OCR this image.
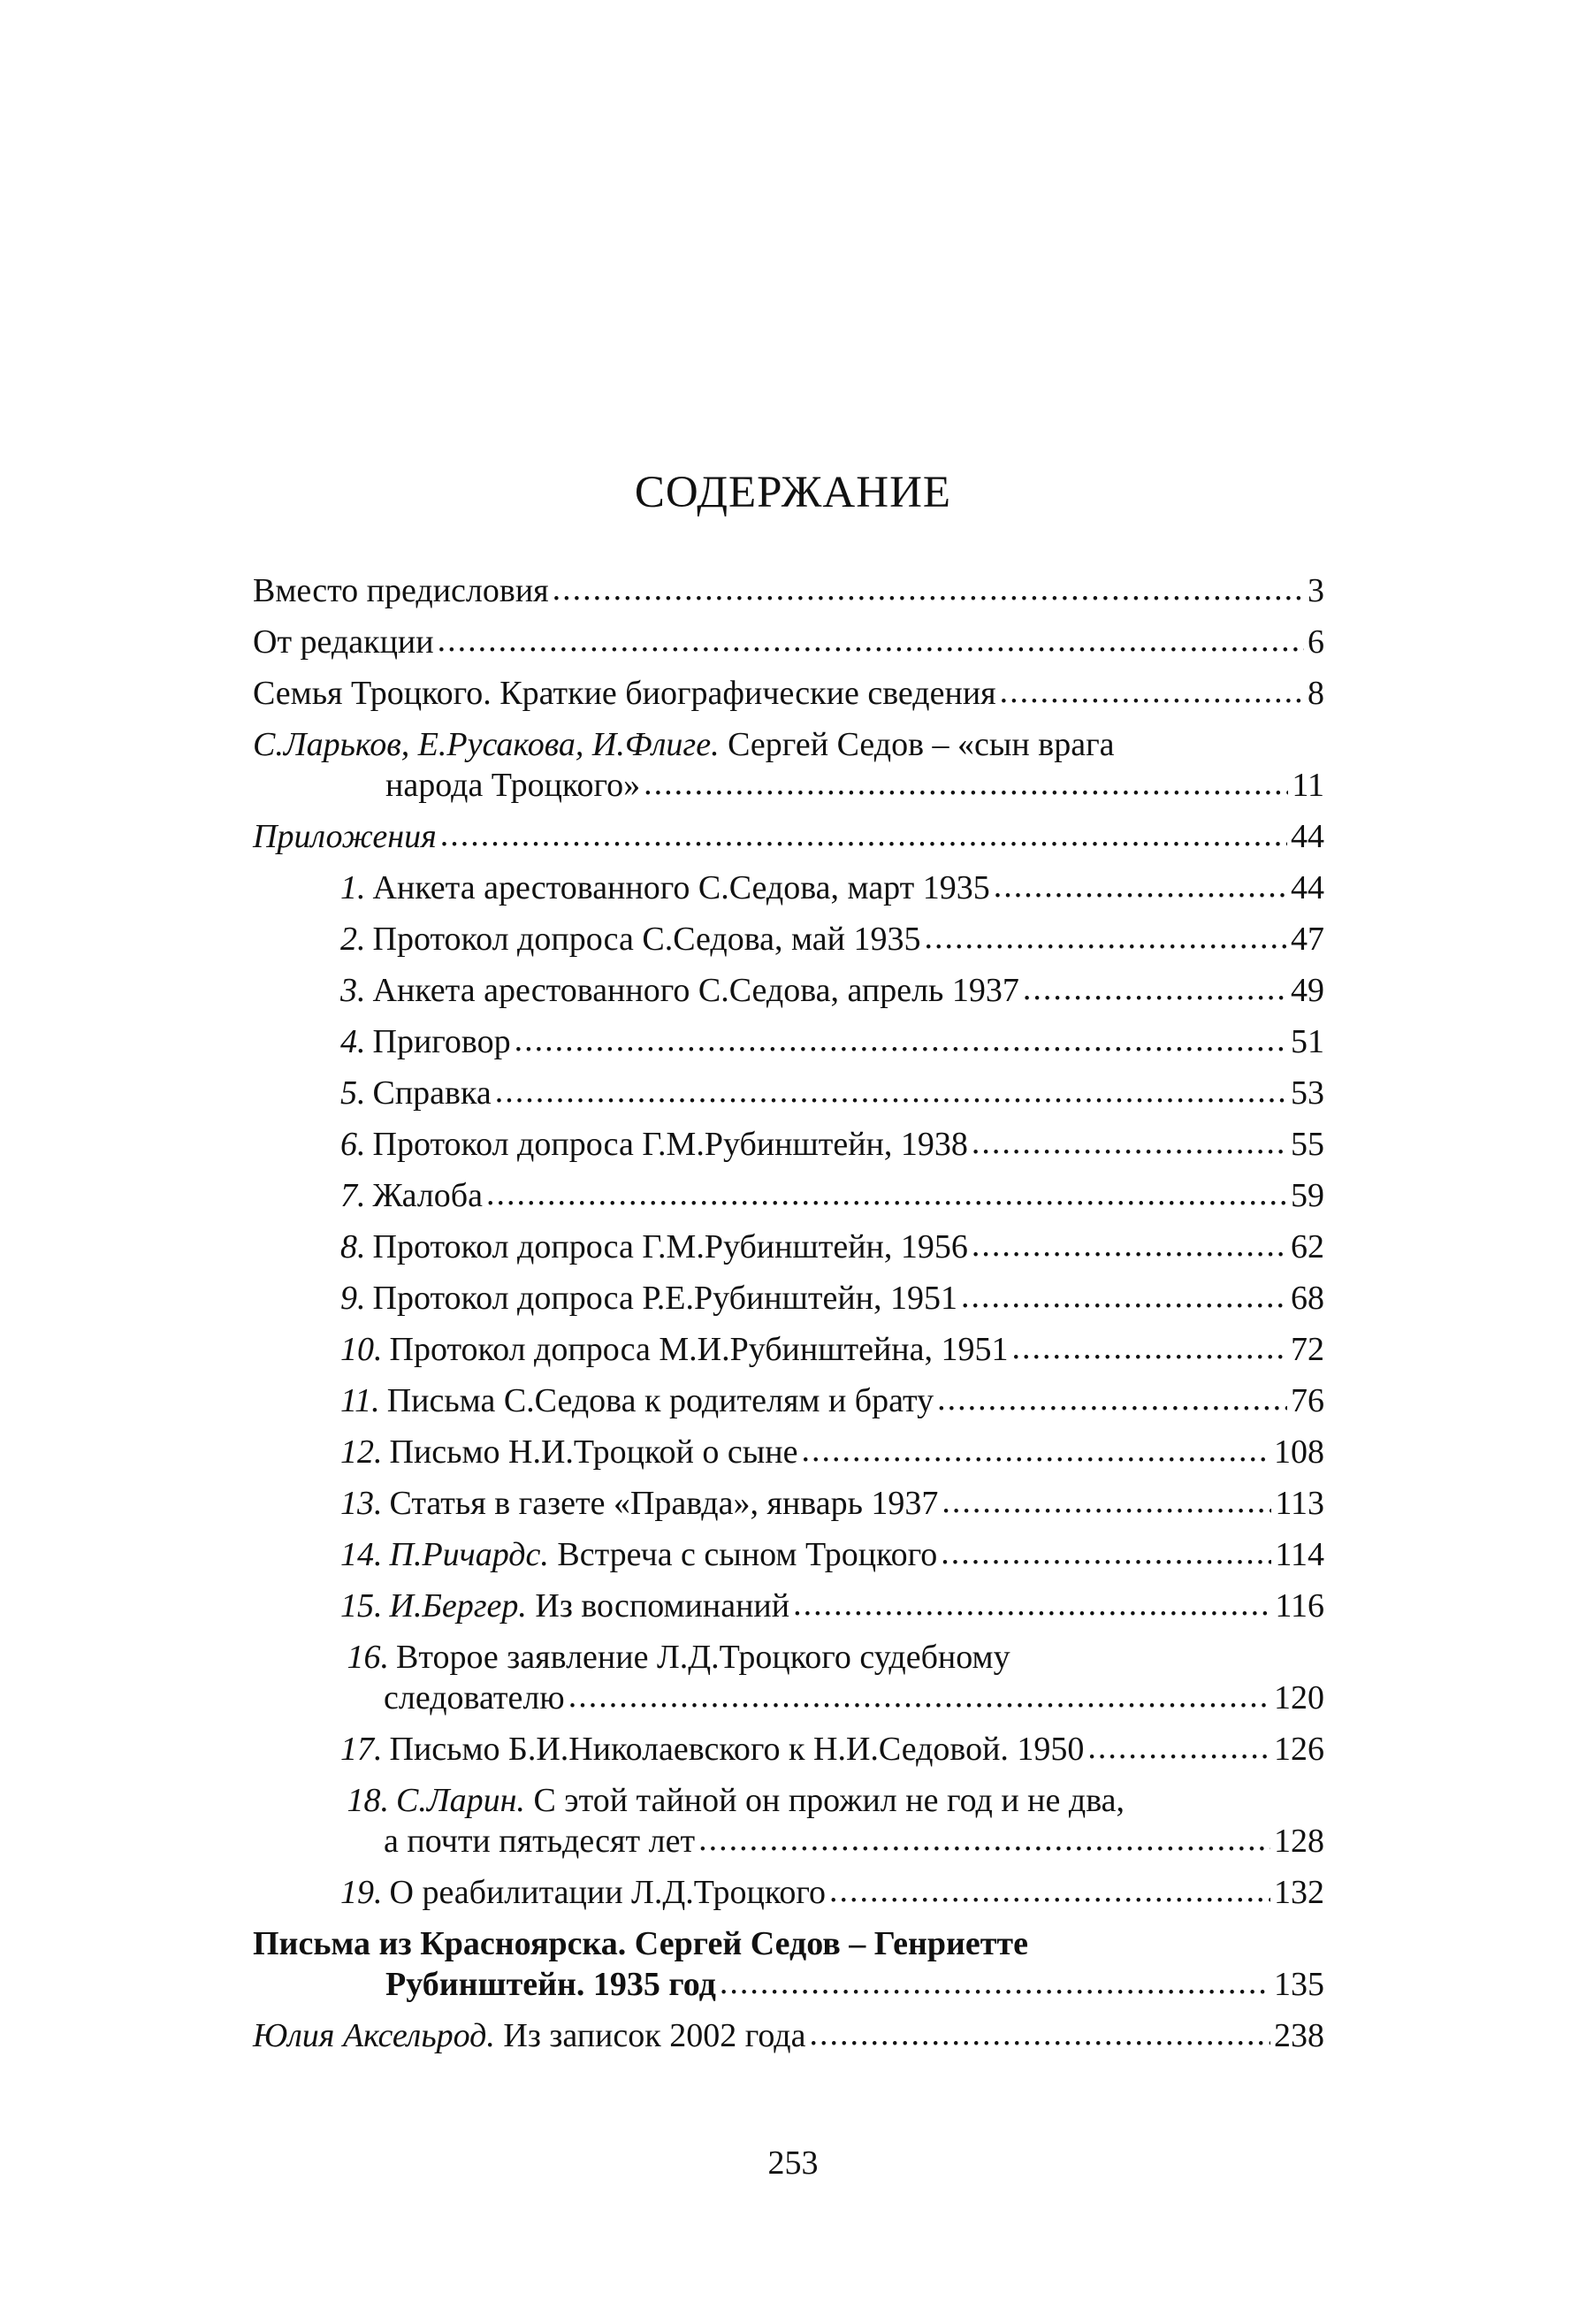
СОДЕРЖАНИЕ
Вместо предисловия .....	3
От редакции .....	6
Семья Троцкого. Краткие биографические сведения .....	8
С.Ларьков, Е.Русакова, И.Флиге.
Сергей Седов – «сын врага
народа Троцкого» .....	11
Приложения .....	44
1. Анкета арестованного С.Седова, март 1935 .....	44
2. Протокол допроса С.Седова, май 1935 .....	47
3. Анкета арестованного С.Седова, апрель 1937 .....	49
4. Приговор .....	51
5. Справка .....	53
6. Протокол допроса Г.М.Рубинштейн, 1938 .....	55
7. Жалоба .....	59
8. Протокол допроса Г.М.Рубинштейн, 1956 .....	62
9. Протокол допроса Р.Е.Рубинштейн, 1951 .....	68
10. Протокол допроса М.И.Рубинштейна, 1951 .....	72
11. Письма С.Седова к родителям и брату .....	76
12. Письмо Н.И.Троцкой о сыне .....	108
13. Статья в газете «Правда», январь 1937 .....	113
14. П.Ричардс.
Встреча с сыном Троцкого .....	114
15. И.Бергер.
Из воспоминаний .....	116
16. Второе заявление Л.Д.Троцкого судебному
следователю .....	120
17. Письмо Б.И.Николаевского к Н.И.Седовой. 1950 .....	126
18. С.Ларин.
С этой тайной он прожил не год и не два,
а почти пятьдесят лет .....	128
19. О реабилитации Л.Д.Троцкого .....	132
Письма из Красноярска. Сергей Седов – Генриетте
Рубинштейн. 1935 год .....	135
Юлия Аксельрод.
Из записок 2002 года .....	238
253
